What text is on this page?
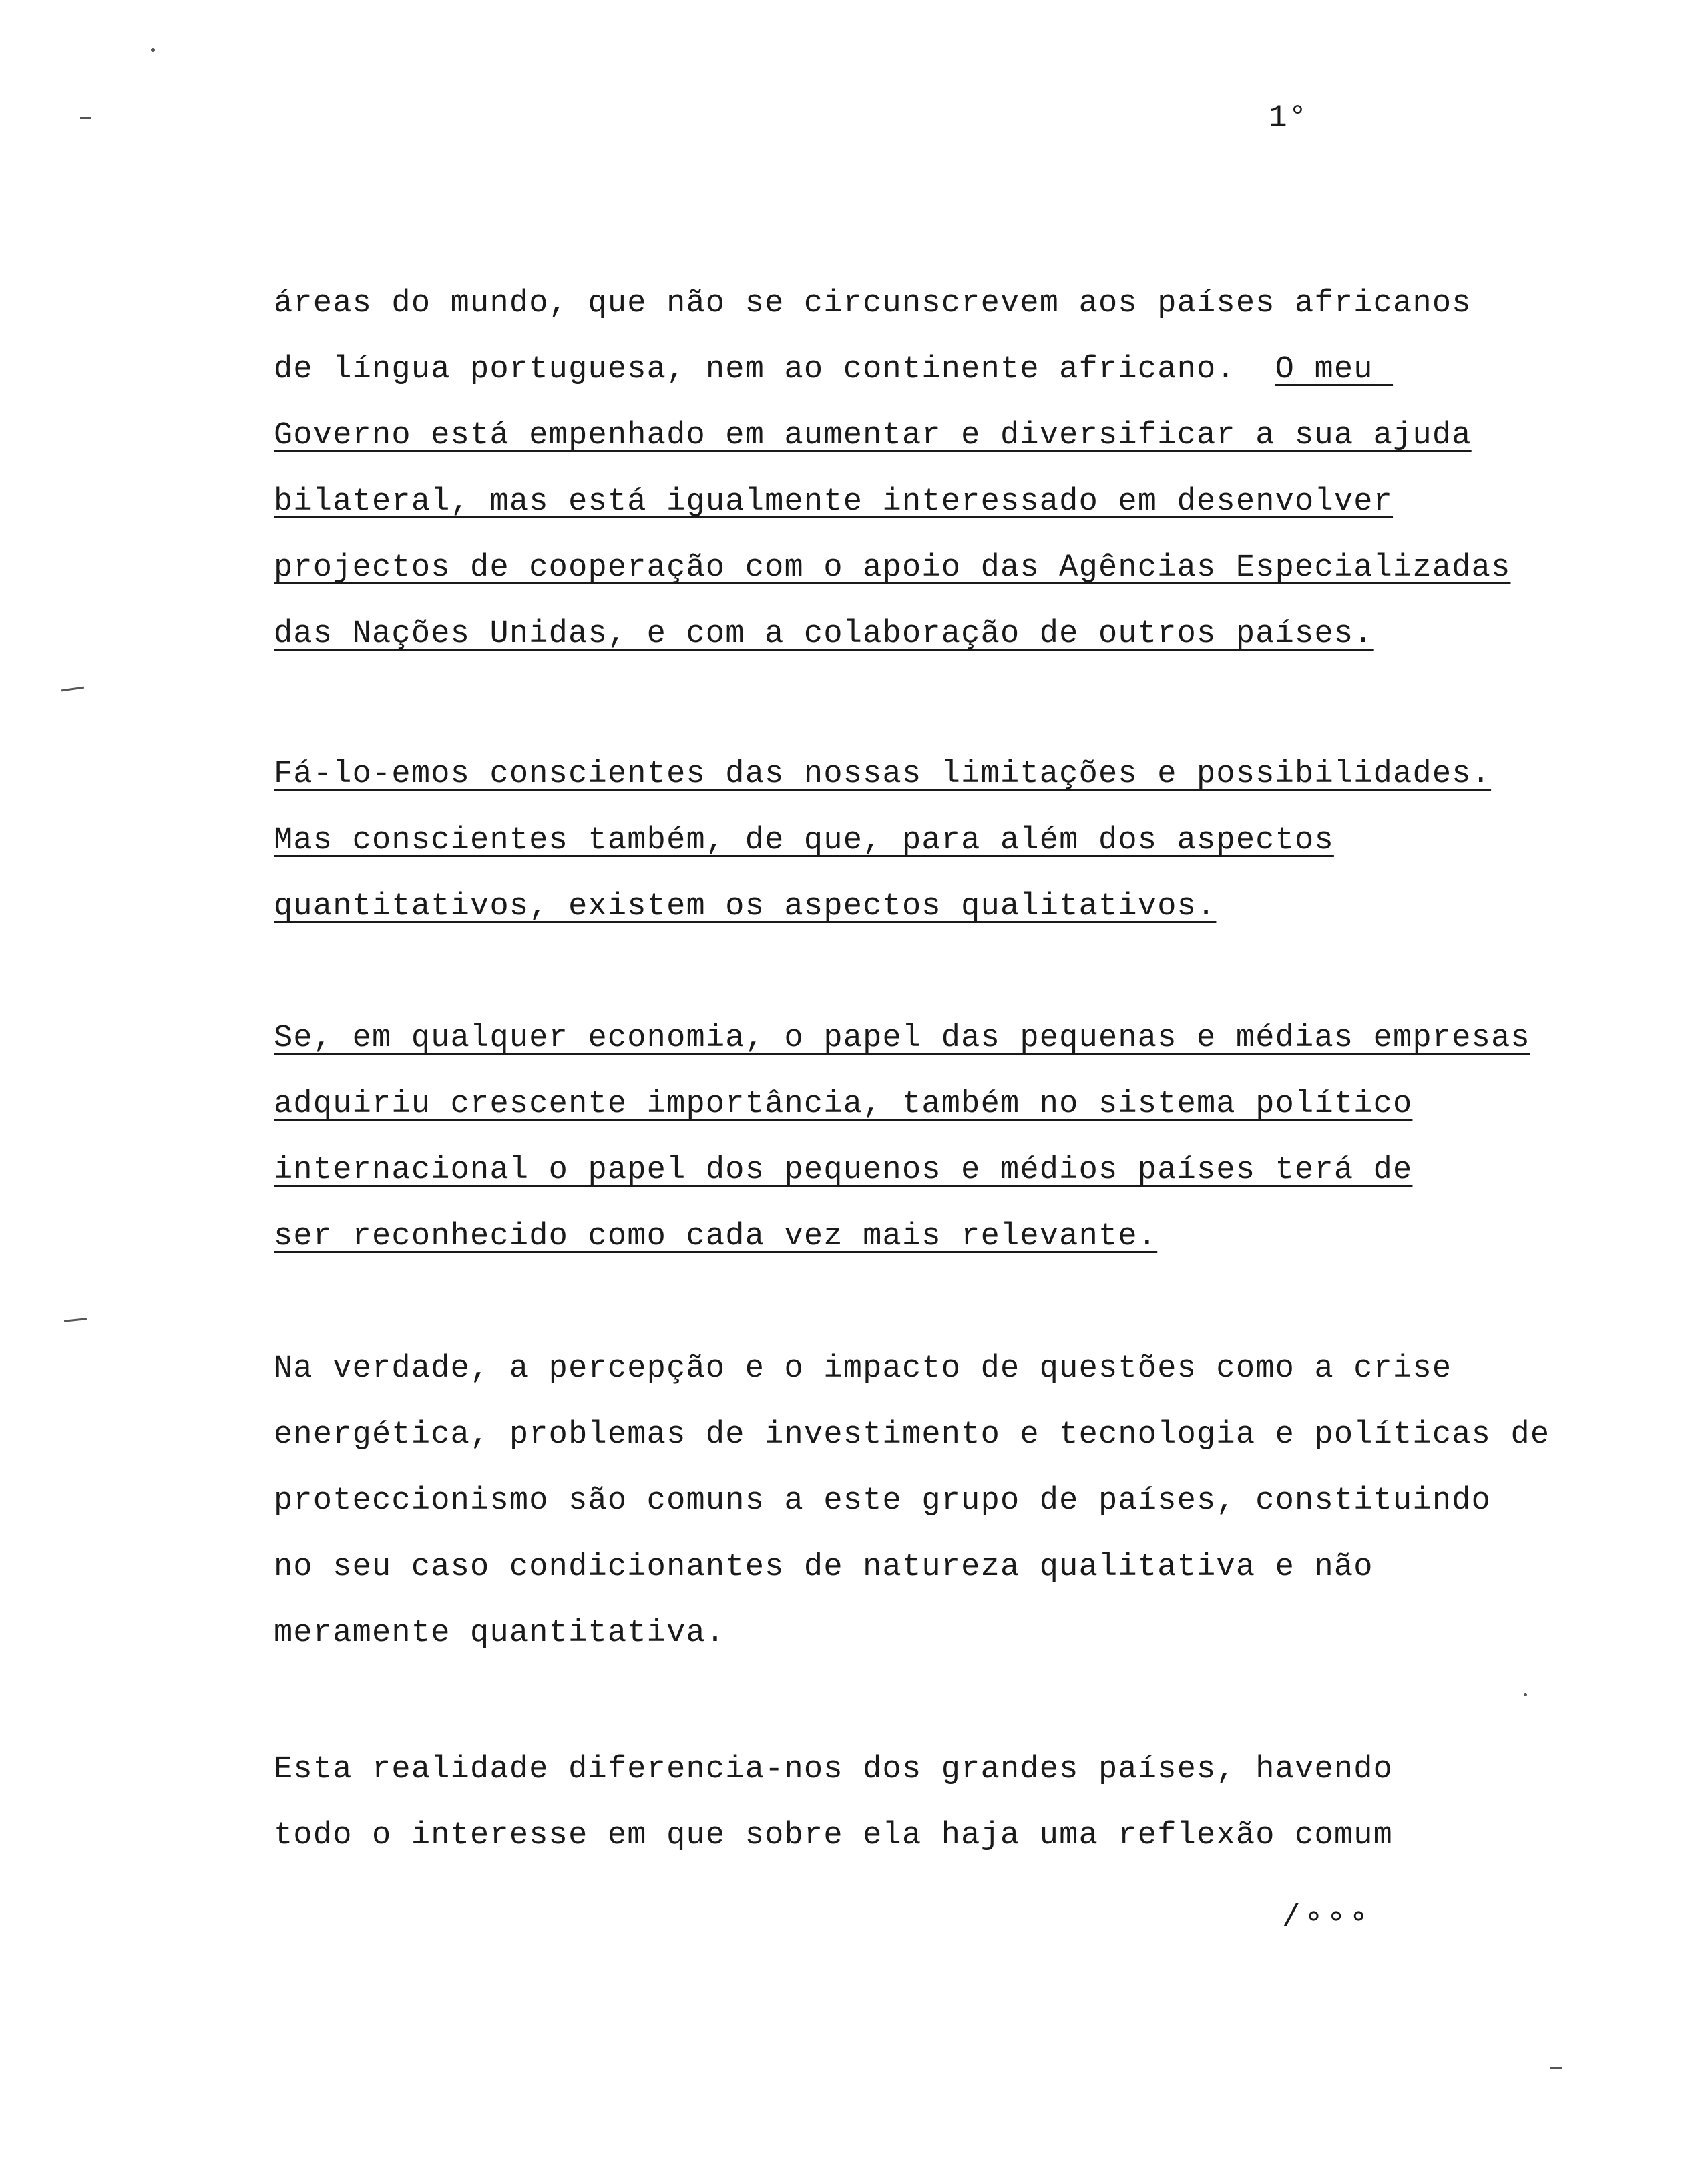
1⁩°
áreas do mundo, que não se circunscrevem aos países africanos
de língua portuguesa, nem ao continente africano.  O meu
Governo está empenhado em aumentar e diversificar a sua ajuda
bilateral, mas está igualmente interessado em desenvolver
projectos de cooperação com o apoio das Agências Especializadas
das Nações Unidas, e com a colaboração de outros países.
Fá-lo-emos conscientes das nossas limitações e possibilidades.
Mas conscientes também, de que, para além dos aspectos
quantitativos, existem os aspectos qualitativos.
Se, em qualquer economia, o papel das pequenas e médias empresas
adquiriu crescente importância, também no sistema político
internacional o papel dos pequenos e médios países terá de
ser reconhecido como cada vez mais relevante.
Na verdade, a percepção e o impacto de questões como a crise
energética, problemas de investimento e tecnologia e políticas de
proteccionismo são comuns a este grupo de países, constituindo
no seu caso condicionantes de natureza qualitativa e não
meramente quantitativa.
Esta realidade diferencia-nos dos grandes países, havendo
todo o interesse em que sobre ela haja uma reflexão comum
/∘∘∘
